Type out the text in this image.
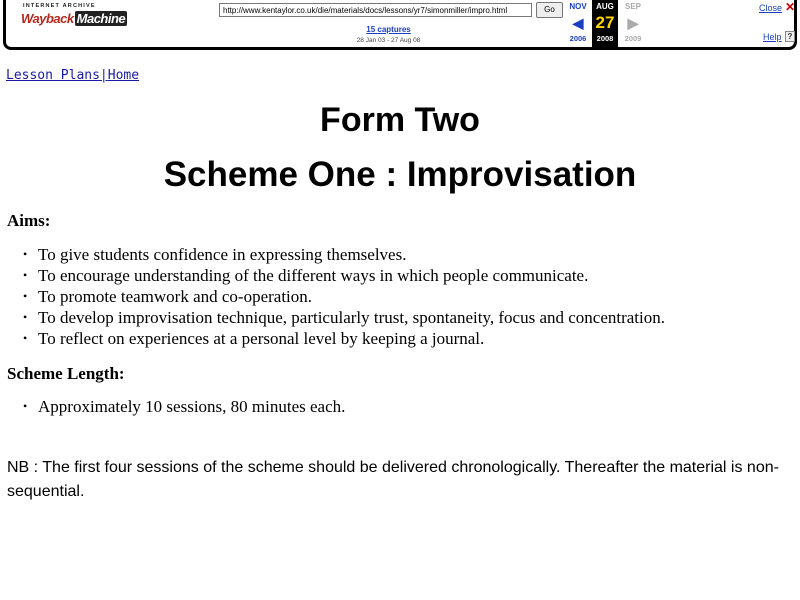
INTERNET ARCHIVE
Wayback Machine
http://www.kentaylor.co.uk/die/materials/docs/lessons/yr7/simonmiller/impro.html
Go
15 captures
28 Jan 03 - 27 Aug 08
NOV
◀
2006
AUG
27
2008
SEP
▶
2009
Close ✕
Help ?
Lesson Plans|Home
Form Two
Scheme One : Improvisation
Aims:
• To give students confidence in expressing themselves.
• To encourage understanding of the different ways in which people communicate.
• To promote teamwork and co-operation.
• To develop improvisation technique, particularly trust, spontaneity, focus and concentration.
• To reflect on experiences at a personal level by keeping a journal.
Scheme Length:
• Approximately 10 sessions, 80 minutes each.
NB : The first four sessions of the scheme should be delivered chronologically. Thereafter the material is non-sequential.
